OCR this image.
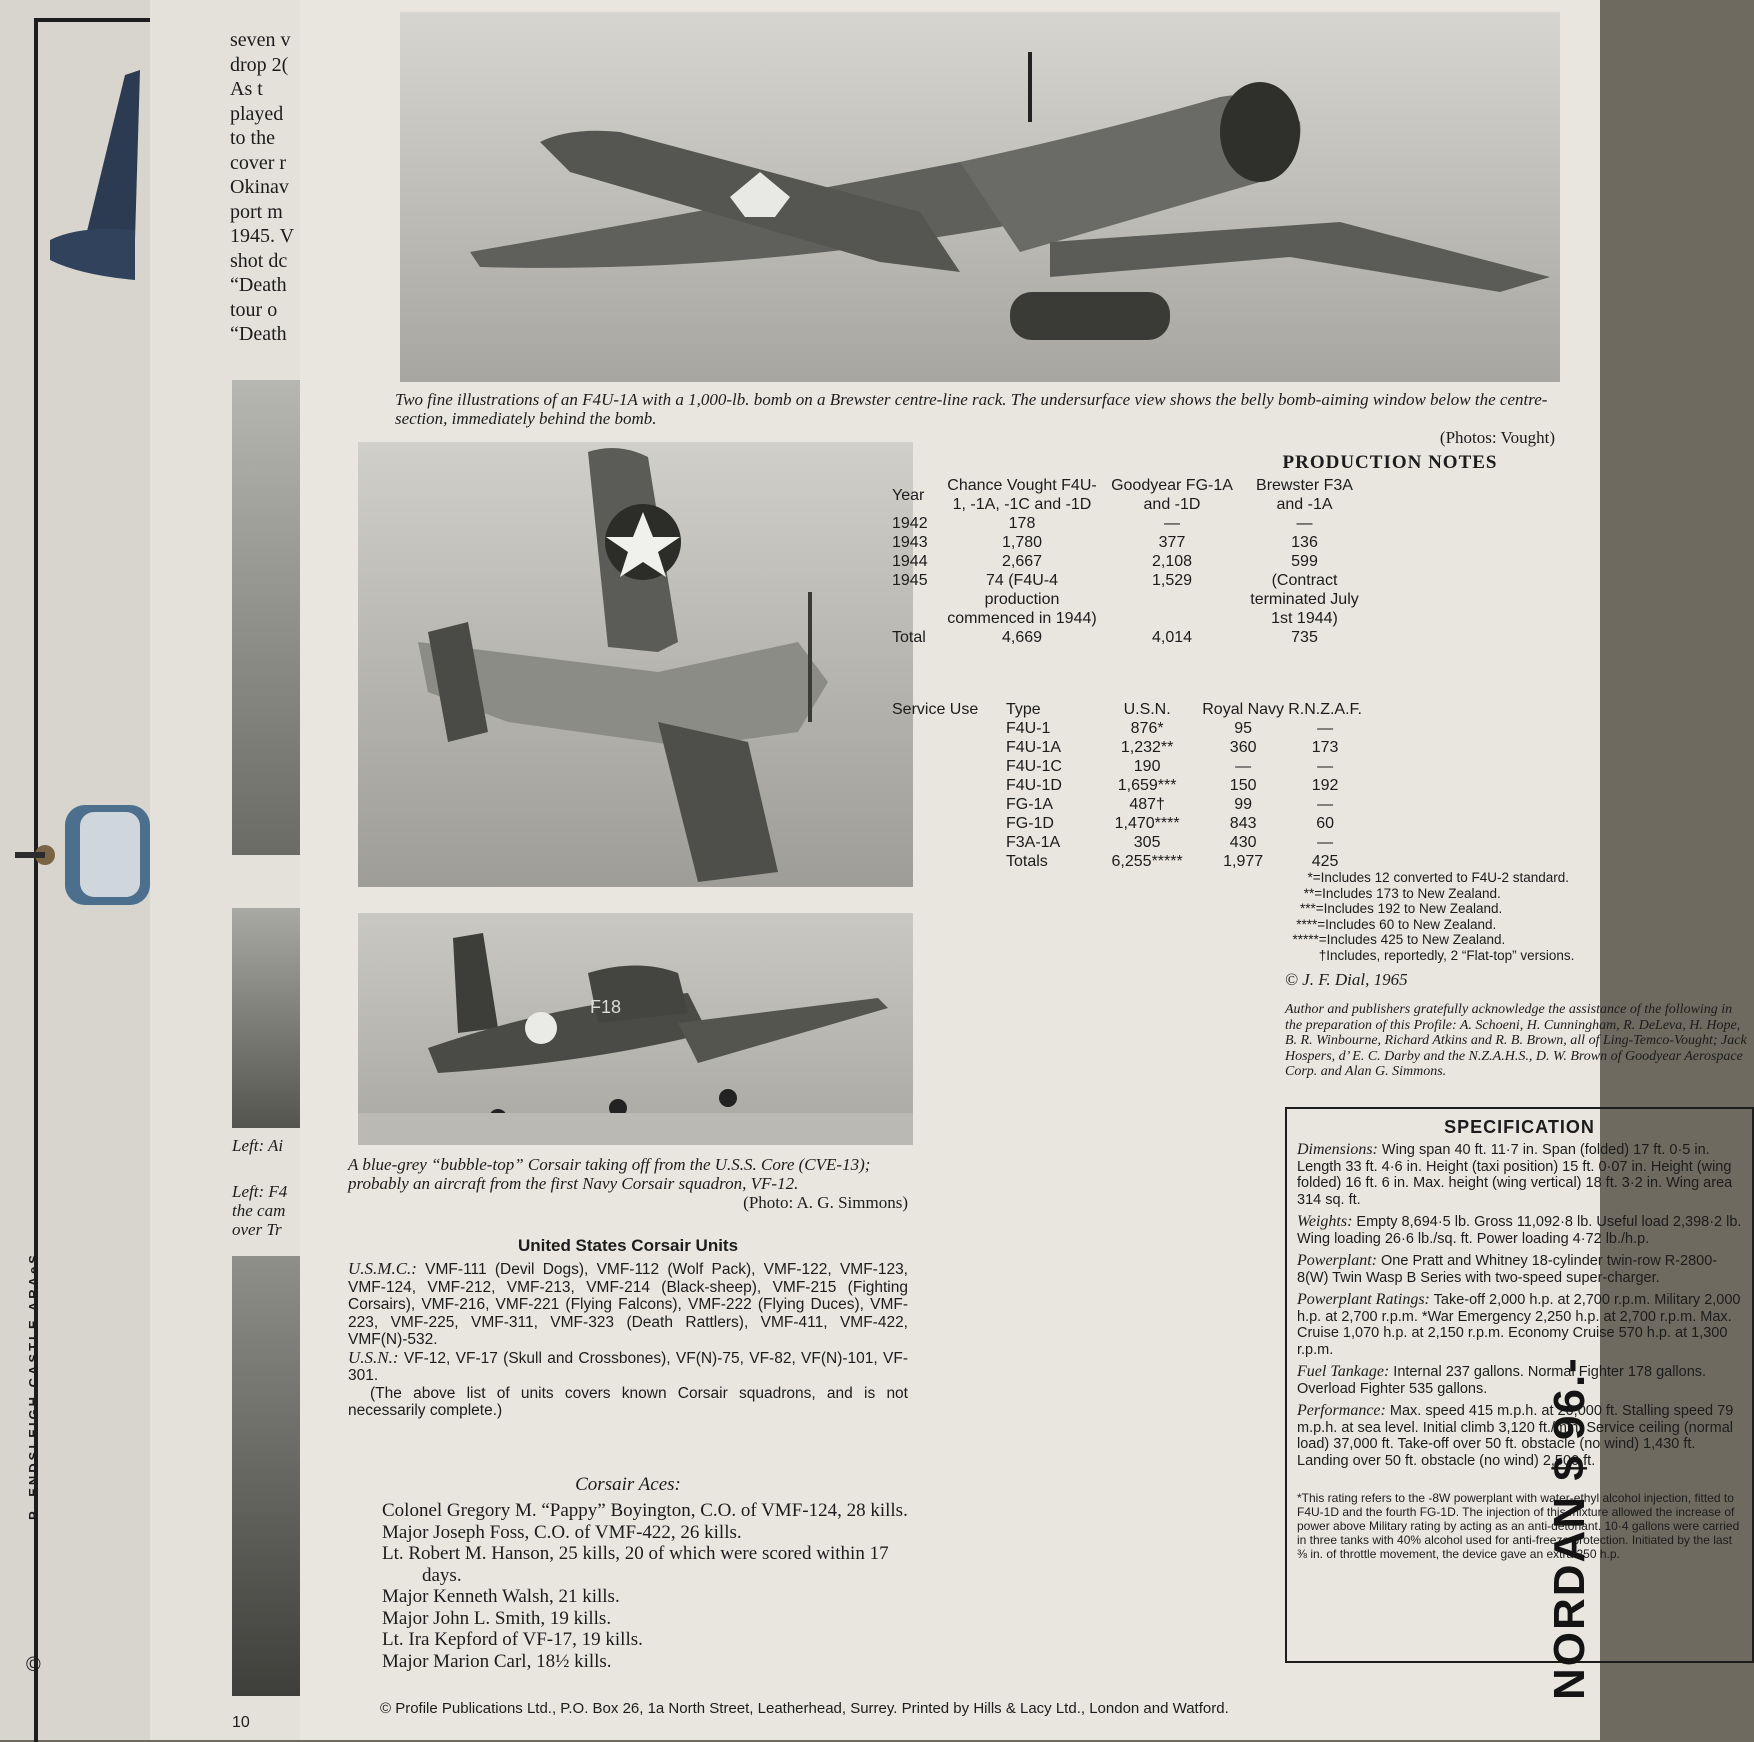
P. ENDSLEIGH CASTLE ARAeS
©
seven v
drop 2(
As t
played
to the
cover r
Okinav
port m
1945. V
shot dc
“Death
tour o
“Death
Left: Ai
Left: F4
the cam
over Tr
10
Two fine illustrations of an F4U-1A with a 1,000-lb. bomb on a Brewster centre-line rack. The undersurface view shows the belly bomb-aiming window below the centre-section, immediately behind the bomb.
(Photos: Vought)
F18
A blue-grey “bubble-top” Corsair taking off from the U.S.S. Core (CVE-13); probably an aircraft from the first Navy Corsair squadron, VF-12.
(Photo: A. G. Simmons)
United States Corsair Units
U.S.M.C.: VMF-111 (Devil Dogs), VMF-112 (Wolf Pack), VMF-122, VMF-123, VMF-124, VMF-212, VMF-213, VMF-214 (Black-sheep), VMF-215 (Fighting Corsairs), VMF-216, VMF-221 (Flying Falcons), VMF-222 (Flying Duces), VMF-223, VMF-225, VMF-311, VMF-323 (Death Rattlers), VMF-411, VMF-422, VMF(N)-532.
U.S.N.: VF-12, VF-17 (Skull and Crossbones), VF(N)-75, VF-82, VF(N)-101, VF-301.
(The above list of units covers known Corsair squadrons, and is not necessarily complete.)
Corsair Aces:
Colonel Gregory M. “Pappy” Boyington, C.O. of VMF-124, 28 kills.
Major Joseph Foss, C.O. of VMF-422, 26 kills.
Lt. Robert M. Hanson, 25 kills, 20 of which were scored within 17 days.
Major Kenneth Walsh, 21 kills.
Major John L. Smith, 19 kills.
Lt. Ira Kepford of VF-17, 19 kills.
Major Marion Carl, 18½ kills.
PRODUCTION NOTES
Year	Chance Vought F4U-1, -1A, -1C and -1D	Goodyear FG-1A and -1D	Brewster F3A and -1A
1942	178	—	—
1943	1,780	377	136
1944	2,667	2,108	599
1945	74 (F4U-4 production commenced in 1944)	1,529	(Contract terminated July 1st 1944)
Total	4,669	4,014	735
Service Use	Type	U.S.N.	Royal Navy	R.N.Z.A.F.
	F4U-1	876*	95	—
	F4U-1A	1,232**	360	173
	F4U-1C	190	—	—
	F4U-1D	1,659***	150	192
	FG-1A	487†	99	—
	FG-1D	1,470****	843	60
	F3A-1A	305	430	—
	Totals	6,255*****	1,977	425
*=Includes 12 converted to F4U-2 standard.
**=Includes 173 to New Zealand.
***=Includes 192 to New Zealand.
****=Includes 60 to New Zealand.
*****=Includes 425 to New Zealand.
†Includes, reportedly, 2 “Flat-top” versions.
© J. F. Dial, 1965
Author and publishers gratefully acknowledge the assistance of the following in the preparation of this Profile: A. Schoeni, H. Cunningham, R. DeLeva, H. Hope, B. R. Winbourne, Richard Atkins and R. B. Brown, all of Ling-Temco-Vought; Jack Hospers, d’ E. C. Darby and the N.Z.A.H.S., D. W. Brown of Goodyear Aerospace Corp. and Alan G. Simmons.
SPECIFICATION

Dimensions: Wing span 40 ft. 11·7 in. Span (folded) 17 ft. 0·5 in. Length 33 ft. 4·6 in. Height (taxi position) 15 ft. 0·07 in. Height (wing folded) 16 ft. 6 in. Max. height (wing vertical) 18 ft. 3·2 in. Wing area 314 sq. ft.

Weights: Empty 8,694·5 lb. Gross 11,092·8 lb. Useful load 2,398·2 lb. Wing loading 26·6 lb./sq. ft. Power loading 4·72 lb./h.p.

Powerplant: One Pratt and Whitney 18-cylinder twin-row R-2800-8(W) Twin Wasp B Series with two-speed super-charger.

Powerplant Ratings: Take-off 2,000 h.p. at 2,700 r.p.m. Military 2,000 h.p. at 2,700 r.p.m. *War Emergency 2,250 h.p. at 2,700 r.p.m. Max. Cruise 1,070 h.p. at 2,150 r.p.m. Economy Cruise 570 h.p. at 1,300 r.p.m.

Fuel Tankage: Internal 237 gallons. Normal Fighter 178 gallons. Overload Fighter 535 gallons.

Performance: Max. speed 415 m.p.h. at 20,000 ft. Stalling speed 79 m.p.h. at sea level. Initial climb 3,120 ft./min. Service ceiling (normal load) 37,000 ft. Take-off over 50 ft. obstacle (no wind) 1,430 ft. Landing over 50 ft. obstacle (no wind) 2,500 ft.

*This rating refers to the -8W powerplant with water-ethyl alcohol injection, fitted to F4U-1D and the fourth FG-1D. The injection of this mixture allowed the increase of power above Military rating by acting as an anti-detonant. 10·4 gallons were carried in three tanks with 40% alcohol used for anti-freeze protection. Initiated by the last ⅜ in. of throttle movement, the device gave an extra 250 h.p.

© Profile Publications Ltd., P.O. Box 26, 1a North Street, Leatherhead, Surrey. Printed by Hills & Lacy Ltd., London and Watford.
NORDAN $ 96.-
